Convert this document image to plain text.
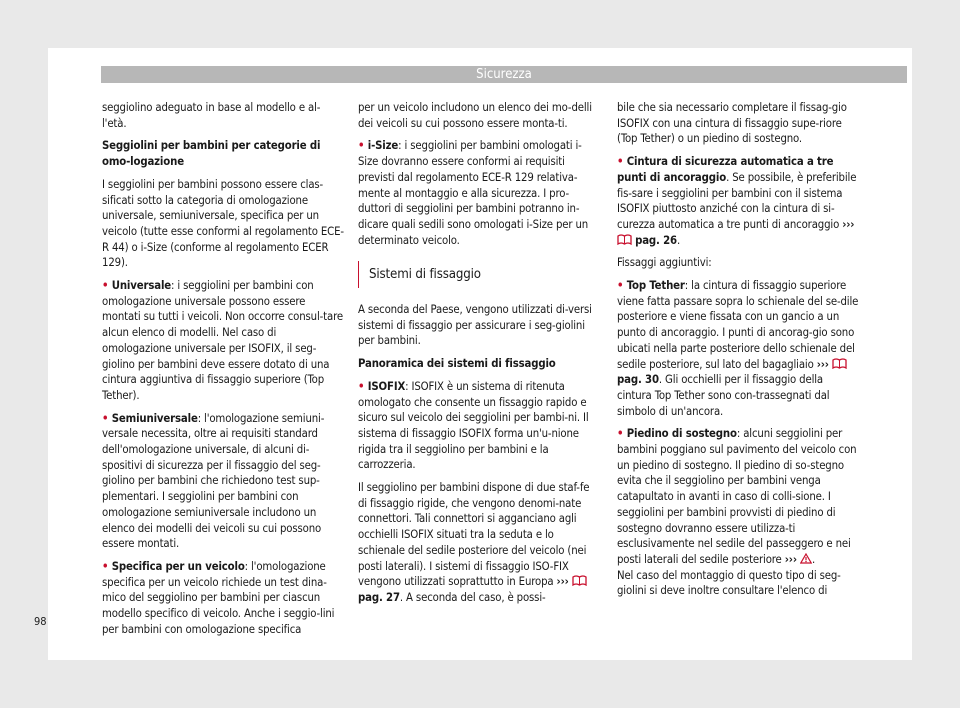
Sicurezza

seggiolino adeguato in base al modello e al-l'età.

Seggiolini per bambini per categorie di omo-logazione

I seggiolini per bambini possono essere clas-sificati sotto la categoria di omologazione universale, semiuniversale, specifica per un veicolo (tutte esse conformi al regolamento ECE-R 44) o i-Size (conforme al regolamento ECER 129).

• Universale: i seggiolini per bambini con omologazione universale possono essere montati su tutti i veicoli. Non occorre consul-tare alcun elenco di modelli. Nel caso di omologazione universale per ISOFIX, il seg-giolino per bambini deve essere dotato di una cintura aggiuntiva di fissaggio superiore (Top Tether).

• Semiuniversale: l'omologazione semiuni-versale necessita, oltre ai requisiti standard dell'omologazione universale, di alcuni di-spositivi di sicurezza per il fissaggio del seg-giolino per bambini che richiedono test sup-plementari. I seggiolini per bambini con omologazione semiuniversale includono un elenco dei modelli dei veicoli su cui possono essere montati.

• Specifica per un veicolo: l'omologazione specifica per un veicolo richiede un test dina-mico del seggiolino per bambini per ciascun modello specifico di veicolo. Anche i seggio-lini per bambini con omologazione specifica

per un veicolo includono un elenco dei mo-delli dei veicoli su cui possono essere monta-ti.

• i-Size: i seggiolini per bambini omologati i-Size dovranno essere conformi ai requisiti previsti dal regolamento ECE-R 129 relativa-mente al montaggio e alla sicurezza. I pro-duttori di seggiolini per bambini potranno in-dicare quali sedili sono omologati i-Size per un determinato veicolo.

Sistemi di fissaggio

A seconda del Paese, vengono utilizzati di-versi sistemi di fissaggio per assicurare i seg-giolini per bambini.

Panoramica dei sistemi di fissaggio

• ISOFIX: ISOFIX è un sistema di ritenuta omologato che consente un fissaggio rapido e sicuro sul veicolo dei seggiolini per bambi-ni. Il sistema di fissaggio ISOFIX forma un'u-nione rigida tra il seggiolino per bambini e la carrozzeria.

Il seggiolino per bambini dispone di due staf-fe di fissaggio rigide, che vengono denomi-nate connettori. Tali connettori si agganciano agli occhielli ISOFIX situati tra la seduta e lo schienale del sedile posteriore del veicolo (nei posti laterali). I sistemi di fissaggio ISO-FIX vengono utilizzati soprattutto in Europa ›››  pag. 27. A seconda del caso, è possi-

bile che sia necessario completare il fissag-gio ISOFIX con una cintura di fissaggio supe-riore (Top Tether) o un piedino di sostegno.

• Cintura di sicurezza automatica a tre punti di ancoraggio. Se possibile, è preferibile fis-sare i seggiolini per bambini con il sistema ISOFIX piuttosto anziché con la cintura di si-curezza automatica a tre punti di ancoraggio ›››  pag. 26.

Fissaggi aggiuntivi:

• Top Tether: la cintura di fissaggio superiore viene fatta passare sopra lo schienale del se-dile posteriore e viene fissata con un gancio a un punto di ancoraggio. I punti di ancorag-gio sono ubicati nella parte posteriore dello schienale del sedile posteriore, sul lato del bagagliaio ›››  pag. 30. Gli occhielli per il fissaggio della cintura Top Tether sono con-trassegnati dal simbolo di un'ancora.

• Piedino di sostegno: alcuni seggiolini per bambini poggiano sul pavimento del veicolo con un piedino di sostegno. Il piedino di so-stegno evita che il seggiolino per bambini venga catapultato in avanti in caso di colli-sione. I seggiolini per bambini provvisti di piedino di sostegno dovranno essere utilizza-ti esclusivamente nel sedile del passeggero e nei posti laterali del sedile posteriore ››› .
Nel caso del montaggio di questo tipo di seg-giolini si deve inoltre consultare l'elenco di

98
